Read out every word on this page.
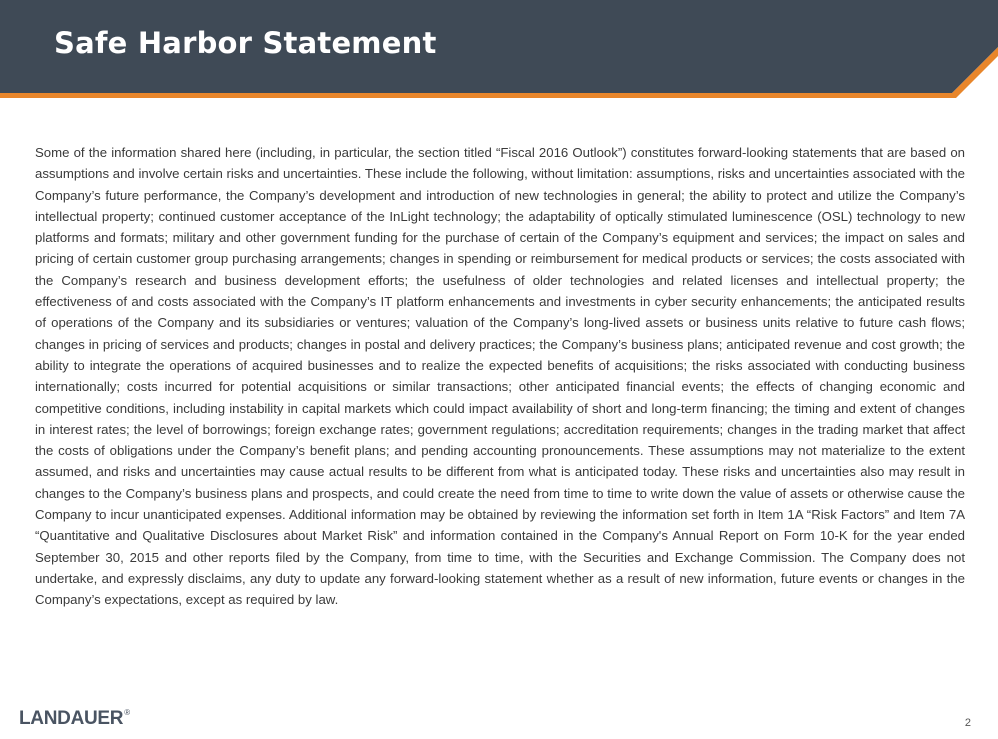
Safe Harbor Statement

Some of the information shared here (including, in particular, the section titled “Fiscal 2016 Outlook”) constitutes forward-looking statements that are based on assumptions and involve certain risks and uncertainties. These include the following, without limitation: assumptions, risks and uncertainties associated with the Company’s future performance, the Company’s development and introduction of new technologies in general; the ability to protect and utilize the Company’s intellectual property; continued customer acceptance of the InLight technology; the adaptability of optically stimulated luminescence (OSL) technology to new platforms and formats; military and other government funding for the purchase of certain of the Company’s equipment and services; the impact on sales and pricing of certain customer group purchasing arrangements; changes in spending or reimbursement for medical products or services; the costs associated with the Company’s research and business development efforts; the usefulness of older technologies and related licenses and intellectual property; the effectiveness of and costs associated with the Company’s IT platform enhancements and investments in cyber security enhancements; the anticipated results of operations of the Company and its subsidiaries or ventures; valuation of the Company’s long-lived assets or business units relative to future cash flows; changes in pricing of services and products; changes in postal and delivery practices; the Company’s business plans; anticipated revenue and cost growth; the ability to integrate the operations of acquired businesses and to realize the expected benefits of acquisitions; the risks associated with conducting business internationally; costs incurred for potential acquisitions or similar transactions; other anticipated financial events; the effects of changing economic and competitive conditions, including instability in capital markets which could impact availability of short and long-term financing; the timing and extent of changes in interest rates; the level of borrowings; foreign exchange rates; government regulations; accreditation requirements; changes in the trading market that affect the costs of obligations under the Company’s benefit plans; and pending accounting pronouncements. These assumptions may not materialize to the extent assumed, and risks and uncertainties may cause actual results to be different from what is anticipated today. These risks and uncertainties also may result in changes to the Company’s business plans and prospects, and could create the need from time to time to write down the value of assets or otherwise cause the Company to incur unanticipated expenses. Additional information may be obtained by reviewing the information set forth in Item 1A “Risk Factors” and Item 7A “Quantitative and Qualitative Disclosures about Market Risk” and information contained in the Company's Annual Report on Form 10-K for the year ended September 30, 2015 and other reports filed by the Company, from time to time, with the Securities and Exchange Commission. The Company does not undertake, and expressly disclaims, any duty to update any forward-looking statement whether as a result of new information, future events or changes in the Company’s expectations, except as required by law.

LANDAUER®
2
